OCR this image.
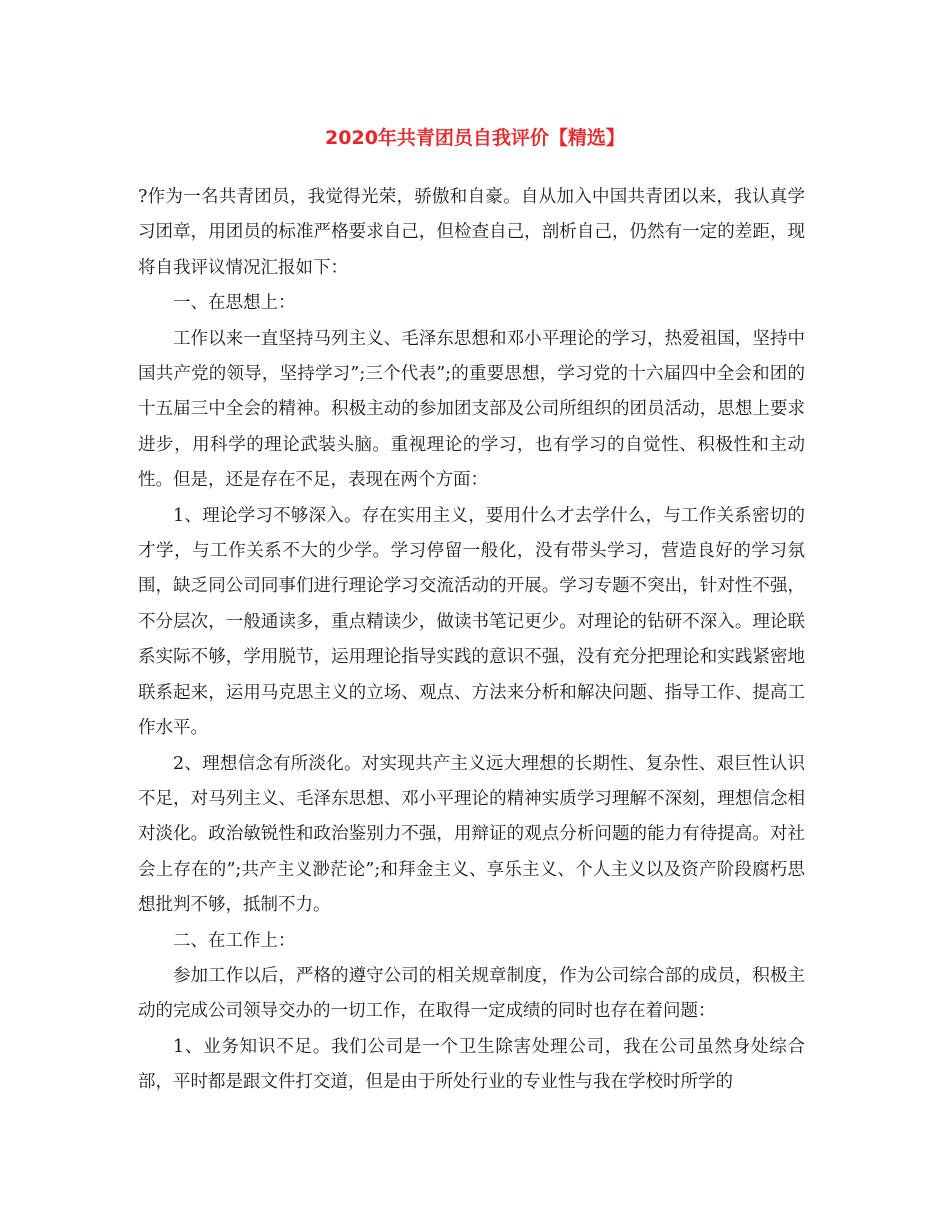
2020年共青团员自我评价【精选】

?作为一名共青团员，我觉得光荣，骄傲和自豪。自从加入中国共青团以来，我认真学习团章，用团员的标准严格要求自己，但检查自己，剖析自己，仍然有一定的差距，现将自我评议情况汇报如下：

一、在思想上：

工作以来一直坚持马列主义、毛泽东思想和邓小平理论的学习，热爱祖国，坚持中国共产党的领导，坚持学习”;三个代表”;的重要思想，学习党的十六届四中全会和团的十五届三中全会的精神。积极主动的参加团支部及公司所组织的团员活动，思想上要求进步，用科学的理论武装头脑。重视理论的学习，也有学习的自觉性、积极性和主动性。但是，还是存在不足，表现在两个方面：

1、理论学习不够深入。存在实用主义，要用什么才去学什么，与工作关系密切的才学，与工作关系不大的少学。学习停留一般化，没有带头学习，营造良好的学习氛围，缺乏同公司同事们进行理论学习交流活动的开展。学习专题不突出，针对性不强，不分层次，一般通读多，重点精读少，做读书笔记更少。对理论的钻研不深入。理论联系实际不够，学用脱节，运用理论指导实践的意识不强，没有充分把理论和实践紧密地联系起来，运用马克思主义的立场、观点、方法来分析和解决问题、指导工作、提高工作水平。

2、理想信念有所淡化。对实现共产主义远大理想的长期性、复杂性、艰巨性认识不足，对马列主义、毛泽东思想、邓小平理论的精神实质学习理解不深刻，理想信念相对淡化。政治敏锐性和政治鉴别力不强，用辩证的观点分析问题的能力有待提高。对社会上存在的”;共产主义渺茫论”;和拜金主义、享乐主义、个人主义以及资产阶段腐朽思想批判不够，抵制不力。

二、在工作上：

参加工作以后，严格的遵守公司的相关规章制度，作为公司综合部的成员，积极主动的完成公司领导交办的一切工作，在取得一定成绩的同时也存在着问题：

1、业务知识不足。我们公司是一个卫生除害处理公司，我在公司虽然身处综合部，平时都是跟文件打交道，但是由于所处行业的专业性与我在学校时所学的
